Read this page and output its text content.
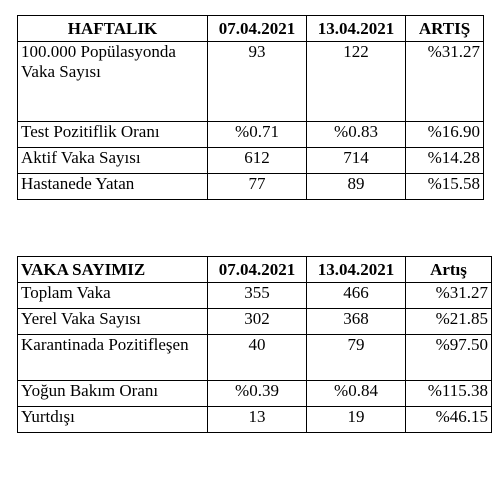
HAFTALIK	07.04.2021	13.04.2021	ARTIŞ
100.000 Popülasyonda Vaka Sayısı	93	122	%31.27
Test Pozitiflik Oranı	%0.71	%0.83	%16.90
Aktif Vaka Sayısı	612	714	%14.28
Hastanede Yatan	77	89	%15.58
VAKA SAYIMIZ	07.04.2021	13.04.2021	Artış
Toplam Vaka	355	466	%31.27
Yerel Vaka Sayısı	302	368	%21.85
Karantinada Pozitifleşen	40	79	%97.50
Yoğun Bakım Oranı	%0.39	%0.84	%115.38
Yurtdışı	13	19	%46.15
